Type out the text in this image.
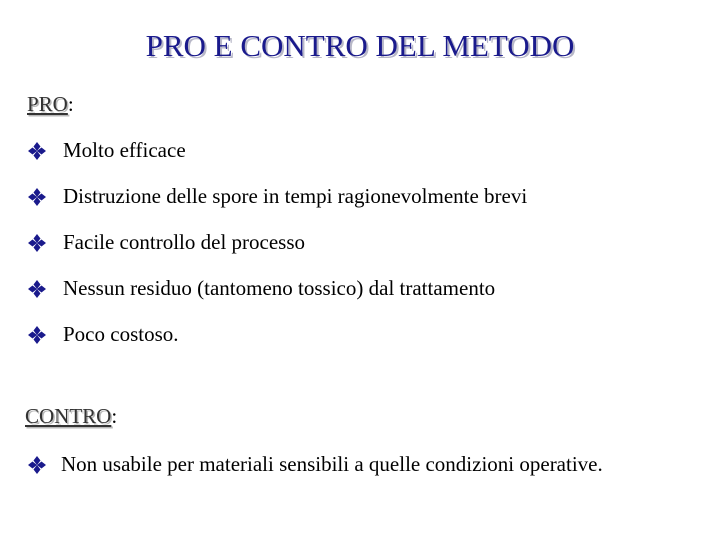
PRO E CONTRO DEL METODO
PRO:
Molto efficace
Distruzione delle spore in tempi ragionevolmente brevi
Facile controllo del processo
Nessun residuo (tantomeno tossico) dal trattamento
Poco costoso.
CONTRO:
Non usabile per materiali sensibili a quelle condizioni operative.
